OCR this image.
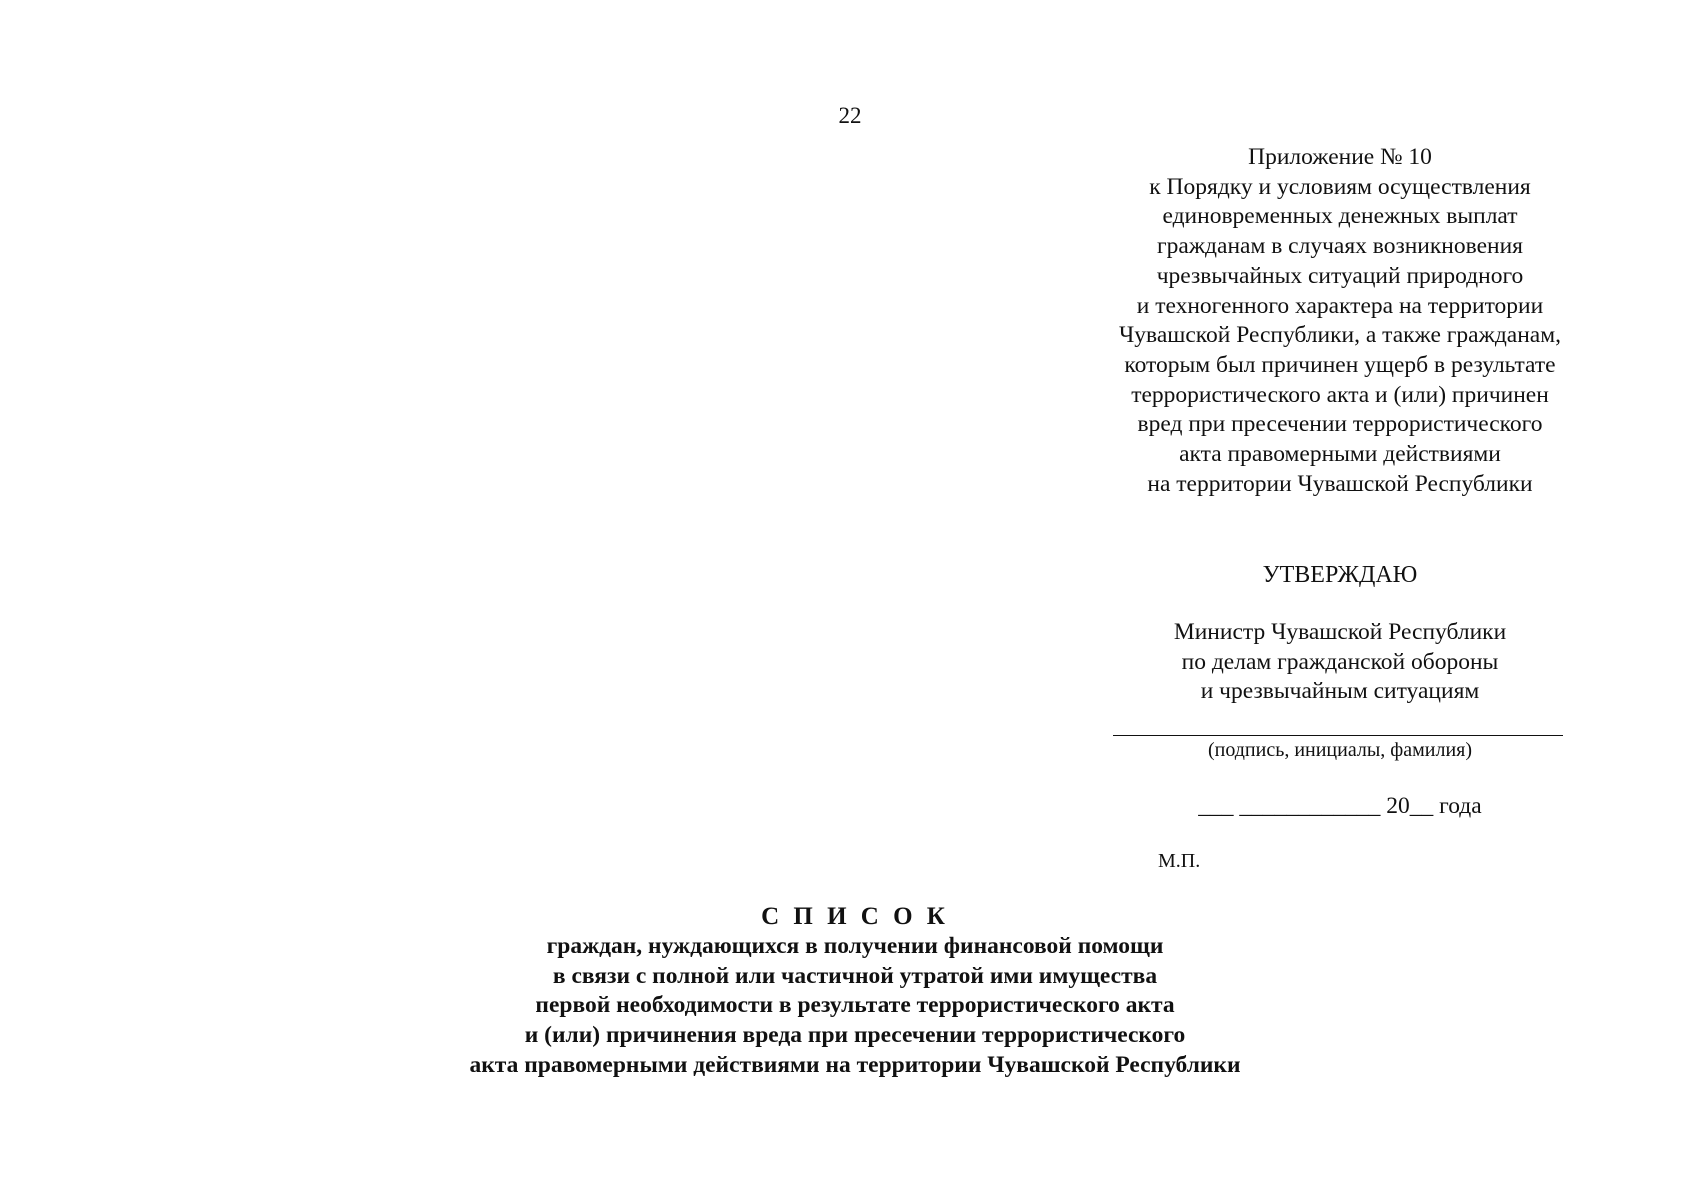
22
Приложение № 10
к Порядку и условиям осуществления
единовременных денежных выплат
гражданам в случаях возникновения
чрезвычайных ситуаций природного
и техногенного характера на территории
Чувашской Республики, а также гражданам,
которым был причинен ущерб в результате
террористического акта и (или) причинен
вред при пресечении террористического
акта правомерными действиями
на территории Чувашской Республики
УТВЕРЖДАЮ
Министр Чувашской Республики
по делам гражданской обороны
и чрезвычайным ситуациям
(подпись, инициалы, фамилия)
___ ____________ 20__ года
М.П.
С П И С О К
граждан, нуждающихся в получении финансовой помощи
в связи с полной или частичной утратой ими имущества
первой необходимости в результате террористического акта
и (или) причинения вреда при пресечении террористического
акта правомерными действиями на территории Чувашской Республики
